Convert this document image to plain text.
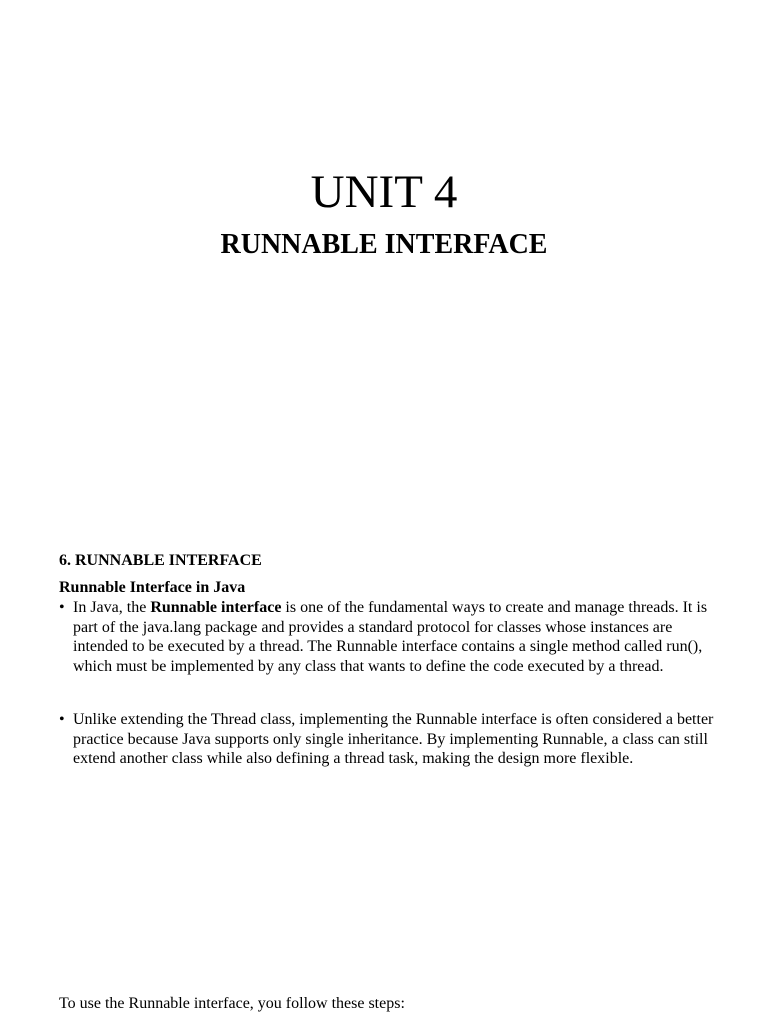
UNIT 4
RUNNABLE INTERFACE

6. RUNNABLE INTERFACE

Runnable Interface in Java

• In Java, the Runnable interface is one of the fundamental ways to create and manage threads. It is part of the java.lang package and provides a standard protocol for classes whose instances are intended to be executed by a thread. The Runnable interface contains a single method called run(), which must be implemented by any class that wants to define the code executed by a thread.
• Unlike extending the Thread class, implementing the Runnable interface is often considered a better practice because Java supports only single inheritance. By implementing Runnable, a class can still extend another class while also defining a thread task, making the design more flexible.

To use the Runnable interface, you follow these steps:
